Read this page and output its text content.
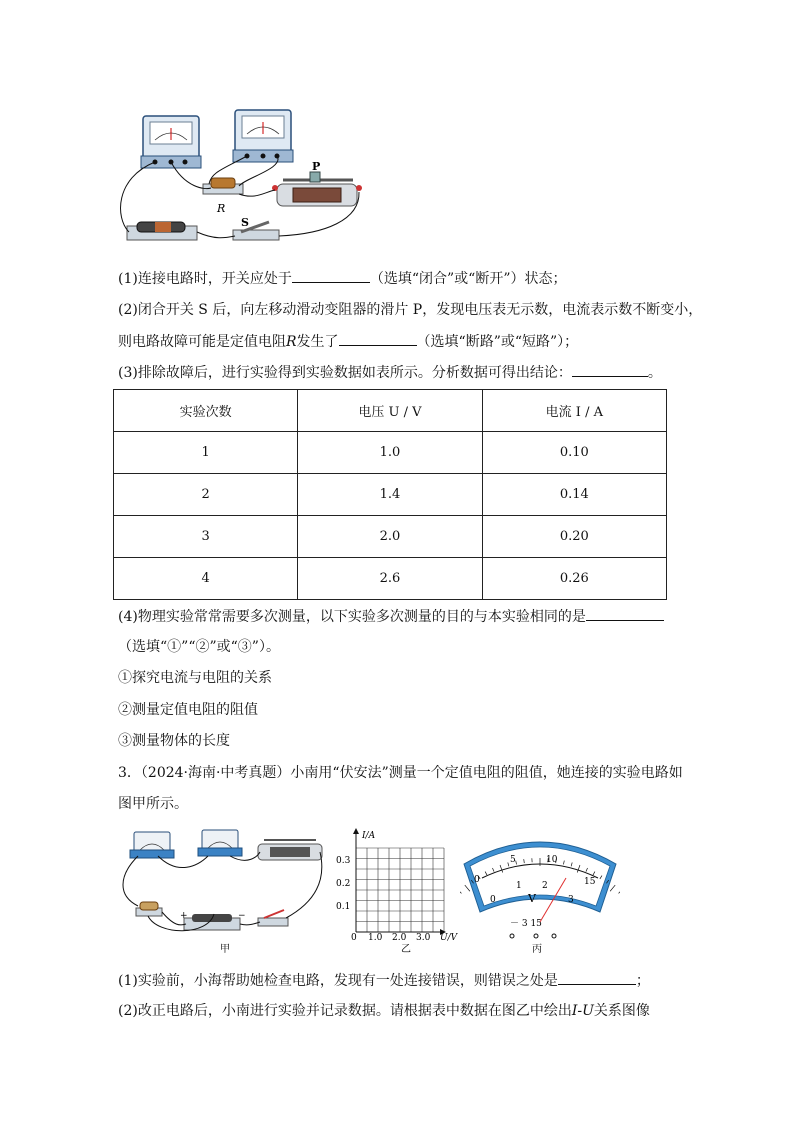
R
P
S
(1)连接电路时，开关应处于	（选填“闭合”或“断开”）状态；
(2)闭合开关 S 后，向左移动滑动变阻器的滑片 P，发现电压表无示数，电流表示数不断变小，
则电路故障可能是定值电阻R发生了	（选填“断路”或“短路”）；
(3)排除故障后，进行实验得到实验数据如表所示。分析数据可得出结论：	。
实验次数	电压 U / V	电流 I / A
1	1.0	0.10
2	1.4	0.14
3	2.0	0.20
4	2.6	0.26
(4)物理实验常常需要多次测量，以下实验多次测量的目的与本实验相同的是
（选填“①”“②”或“③”）。
①探究电流与电阻的关系
②测量定值电阻的阻值
③测量物体的长度
3．（2024·海南·中考真题）小南用“伏安法”测量一个定值电阻的阻值，她连接的实验电路如
图甲所示。
+	−
甲
I/A
U/V
0.3
0.2
0.1
0 1.0 2.0 3.0
乙
0
5	10
15
0
1 2
3
V
－ 3 15
丙
(1)实验前，小海帮助她检查电路，发现有一处连接错误，则错误之处是	；
(2)改正电路后，小南进行实验并记录数据。请根据表中数据在图乙中绘出I-U关系图像
